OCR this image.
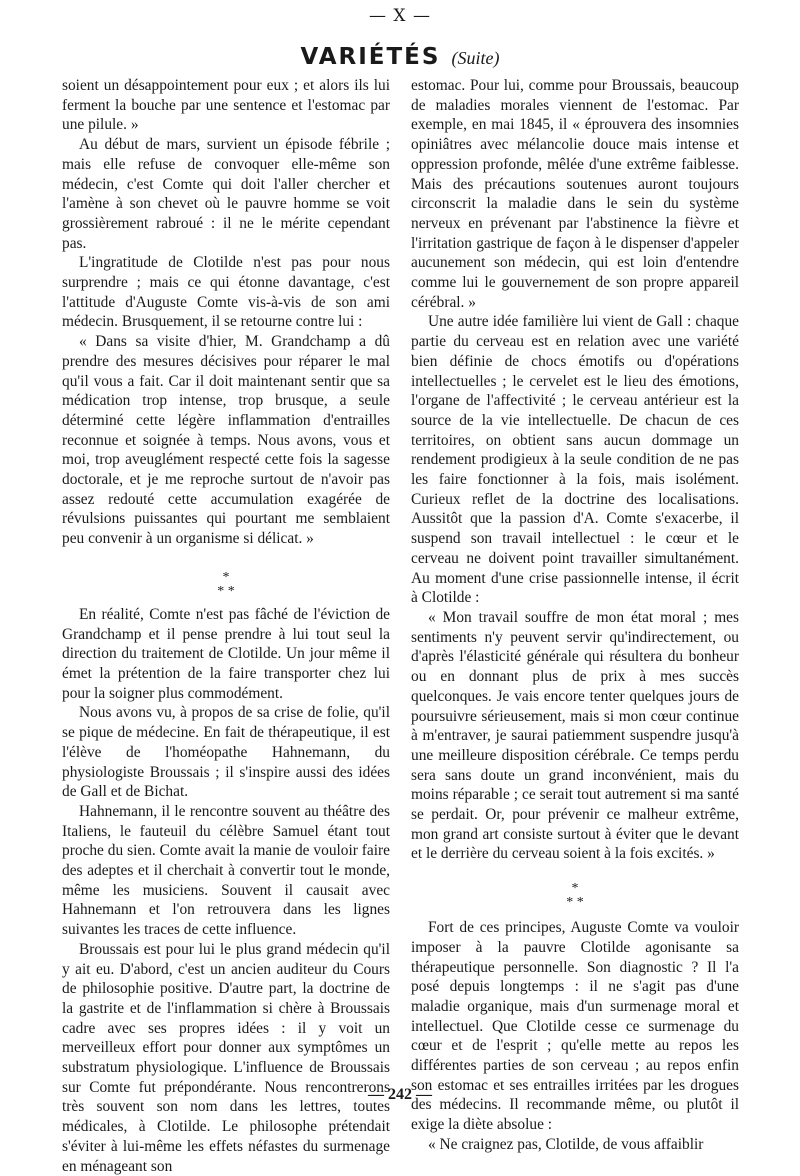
— X —
VARIÉTÉS (Suite)

soient un désappointement pour eux ; et alors ils lui ferment la bouche par une sentence et l'estomac par une pilule. »

Au début de mars, survient un épisode fébrile ; mais elle refuse de convoquer elle-même son médecin, c'est Comte qui doit l'aller chercher et l'amène à son chevet où le pauvre homme se voit grossièrement rabroué : il ne le mérite cependant pas.

L'ingratitude de Clotilde n'est pas pour nous surprendre ; mais ce qui étonne davantage, c'est l'attitude d'Auguste Comte vis-à-vis de son ami médecin. Brusquement, il se retourne contre lui :

« Dans sa visite d'hier, M. Grandchamp a dû prendre des mesures décisives pour réparer le mal qu'il vous a fait. Car il doit maintenant sentir que sa médication trop intense, trop brusque, a seule déterminé cette légère inflammation d'entrailles reconnue et soignée à temps. Nous avons, vous et moi, trop aveuglément respecté cette fois la sagesse doctorale, et je me reproche surtout de n'avoir pas assez redouté cette accumulation exagérée de révulsions puissantes qui pourtant me semblaient peu convenir à un organisme si délicat. »

*
* *

En réalité, Comte n'est pas fâché de l'éviction de Grandchamp et il pense prendre à lui tout seul la direction du traitement de Clotilde. Un jour même il émet la prétention de la faire transporter chez lui pour la soigner plus commodément.

Nous avons vu, à propos de sa crise de folie, qu'il se pique de médecine. En fait de thérapeutique, il est l'élève de l'homéopathe Hahnemann, du physiologiste Broussais ; il s'inspire aussi des idées de Gall et de Bichat.

Hahnemann, il le rencontre souvent au théâtre des Italiens, le fauteuil du célèbre Samuel étant tout proche du sien. Comte avait la manie de vouloir faire des adeptes et il cherchait à convertir tout le monde, même les musiciens. Souvent il causait avec Hahnemann et l'on retrouvera dans les lignes suivantes les traces de cette influence.

Broussais est pour lui le plus grand médecin qu'il y ait eu. D'abord, c'est un ancien auditeur du Cours de philosophie positive. D'autre part, la doctrine de la gastrite et de l'inflammation si chère à Broussais cadre avec ses propres idées : il y voit un merveilleux effort pour donner aux symptômes un substratum physiologique. L'influence de Broussais sur Comte fut prépondérante. Nous rencontrerons très souvent son nom dans les lettres, toutes médicales, à Clotilde. Le philosophe prétendait s'éviter à lui-même les effets néfastes du surmenage en ménageant son

estomac. Pour lui, comme pour Broussais, beaucoup de maladies morales viennent de l'estomac. Par exemple, en mai 1845, il « éprouvera des insomnies opiniâtres avec mélancolie douce mais intense et oppression profonde, mêlée d'une extrême faiblesse. Mais des précautions soutenues auront toujours circonscrit la maladie dans le sein du système nerveux en prévenant par l'abstinence la fièvre et l'irritation gastrique de façon à le dispenser d'appeler aucunement son médecin, qui est loin d'entendre comme lui le gouvernement de son propre appareil cérébral. »

Une autre idée familière lui vient de Gall : chaque partie du cerveau est en relation avec une variété bien définie de chocs émotifs ou d'opérations intellectuelles ; le cervelet est le lieu des émotions, l'organe de l'affectivité ; le cerveau antérieur est la source de la vie intellectuelle. De chacun de ces territoires, on obtient sans aucun dommage un rendement prodigieux à la seule condition de ne pas les faire fonctionner à la fois, mais isolément. Curieux reflet de la doctrine des localisations. Aussitôt que la passion d'A. Comte s'exacerbe, il suspend son travail intellectuel : le cœur et le cerveau ne doivent point travailler simultanément. Au moment d'une crise passionnelle intense, il écrit à Clotilde :

« Mon travail souffre de mon état moral ; mes sentiments n'y peuvent servir qu'indirectement, ou d'après l'élasticité générale qui résultera du bonheur ou en donnant plus de prix à mes succès quelconques. Je vais encore tenter quelques jours de poursuivre sérieusement, mais si mon cœur continue à m'entraver, je saurai patiemment suspendre jusqu'à une meilleure disposition cérébrale. Ce temps perdu sera sans doute un grand inconvénient, mais du moins réparable ; ce serait tout autrement si ma santé se perdait. Or, pour prévenir ce malheur extrême, mon grand art consiste surtout à éviter que le devant et le derrière du cerveau soient à la fois excités. »

*
* *

Fort de ces principes, Auguste Comte va vouloir imposer à la pauvre Clotilde agonisante sa thérapeutique personnelle. Son diagnostic ? Il l'a posé depuis longtemps : il ne s'agit pas d'une maladie organique, mais d'un surmenage moral et intellectuel. Que Clotilde cesse ce surmenage du cœur et de l'esprit ; qu'elle mette au repos les différentes parties de son cerveau ; au repos enfin son estomac et ses entrailles irritées par les drogues des médecins. Il recommande même, ou plutôt il exige la diète absolue :

« Ne craignez pas, Clotilde, de vous affaiblir

— 242 —
